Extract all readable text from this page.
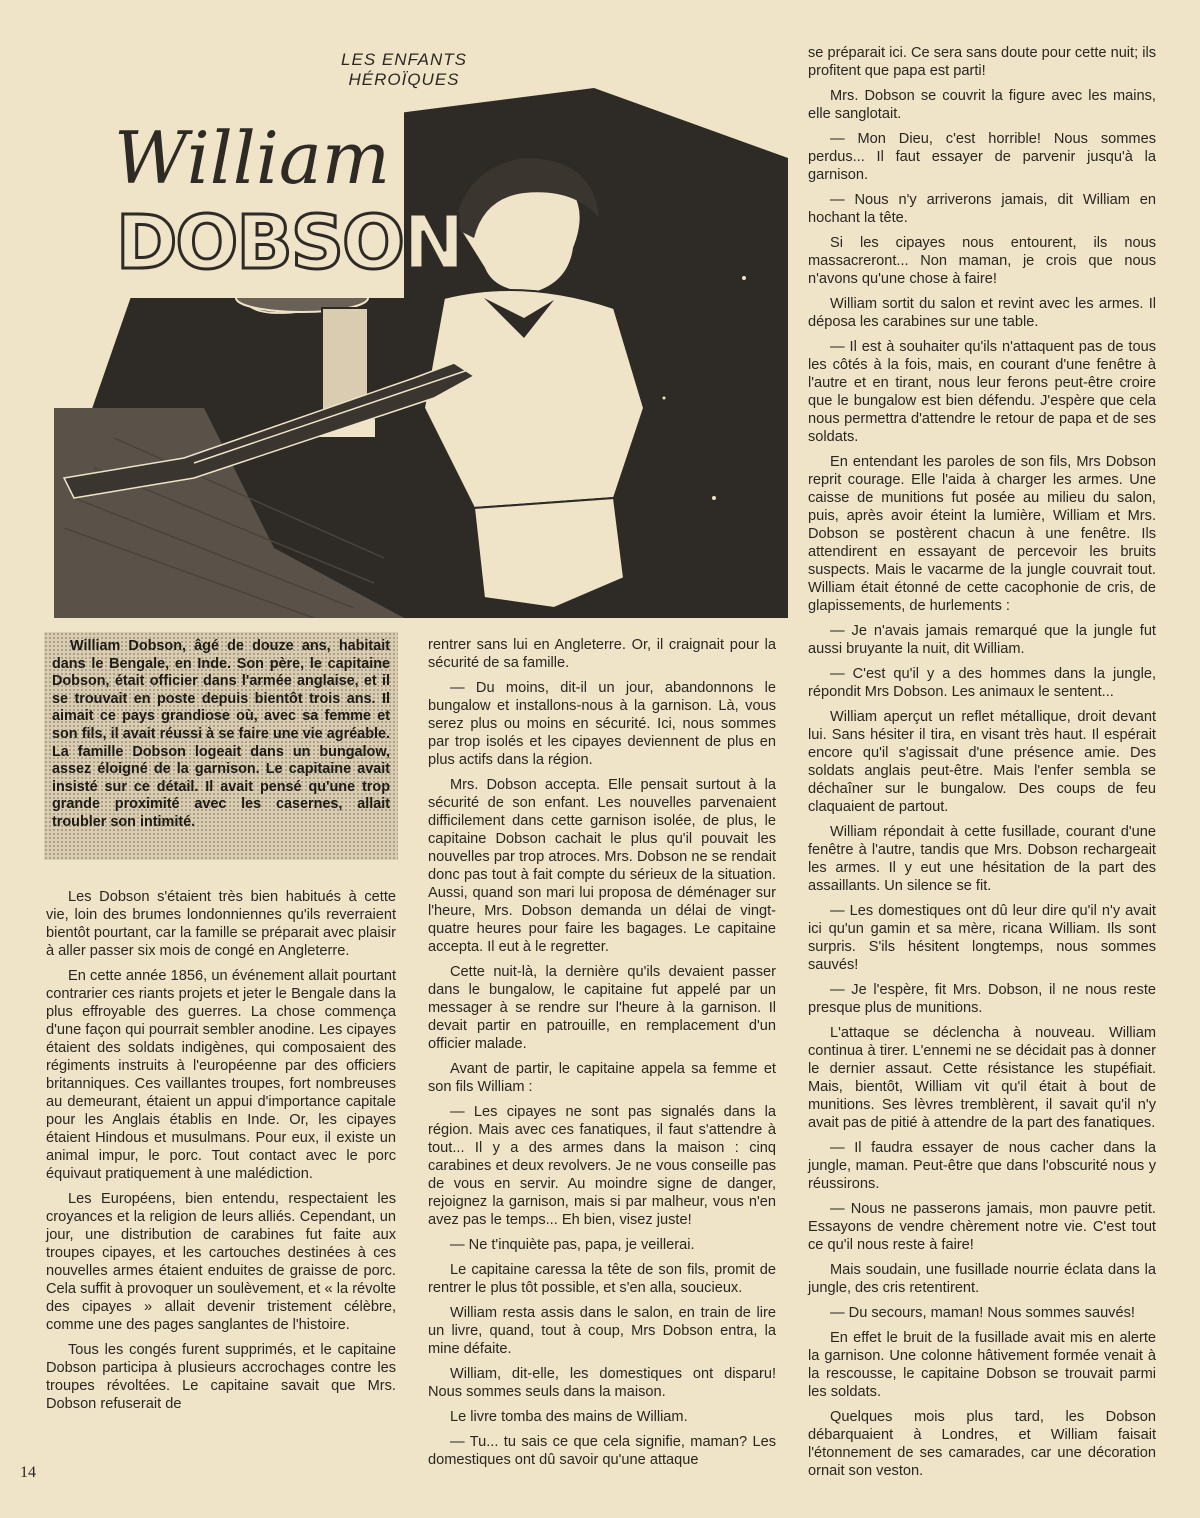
LES ENFANTS HÉROÏQUES
William
DOBSON

William Dobson, âgé de douze ans, habitait dans le Bengale, en Inde. Son père, le capitaine Dobson, était officier dans l'armée anglaise, et il se trouvait en poste depuis bientôt trois ans. Il aimait ce pays grandiose où, avec sa femme et son fils, il avait réussi à se faire une vie agréable. La famille Dobson logeait dans un bungalow, assez éloigné de la garnison. Le capitaine avait insisté sur ce détail. Il avait pensé qu'une trop grande proximité avec les casernes, allait troubler son intimité.

Les Dobson s'étaient très bien habitués à cette vie, loin des brumes londonniennes qu'ils reverraient bientôt pourtant, car la famille se préparait avec plaisir à aller passer six mois de congé en Angleterre.

En cette année 1856, un événement allait pourtant contrarier ces riants projets et jeter le Bengale dans la plus effroyable des guerres. La chose commença d'une façon qui pourrait sembler anodine. Les cipayes étaient des soldats indigènes, qui composaient des régiments instruits à l'européenne par des officiers britanniques. Ces vaillantes troupes, fort nombreuses au demeurant, étaient un appui d'importance capitale pour les Anglais établis en Inde. Or, les cipayes étaient Hindous et musulmans. Pour eux, il existe un animal impur, le porc. Tout contact avec le porc équivaut pratiquement à une malédiction.

Les Européens, bien entendu, respectaient les croyances et la religion de leurs alliés. Cependant, un jour, une distribution de carabines fut faite aux troupes cipayes, et les cartouches destinées à ces nouvelles armes étaient enduites de graisse de porc. Cela suffit à provoquer un soulèvement, et « la révolte des cipayes » allait devenir tristement célèbre, comme une des pages sanglantes de l'histoire.

Tous les congés furent supprimés, et le capitaine Dobson participa à plusieurs accrochages contre les troupes révoltées. Le capitaine savait que Mrs. Dobson refuserait de

rentrer sans lui en Angleterre. Or, il craignait pour la sécurité de sa famille.

— Du moins, dit-il un jour, abandonnons le bungalow et installons-nous à la garnison. Là, vous serez plus ou moins en sécurité. Ici, nous sommes par trop isolés et les cipayes deviennent de plus en plus actifs dans la région.

Mrs. Dobson accepta. Elle pensait surtout à la sécurité de son enfant. Les nouvelles parvenaient difficilement dans cette garnison isolée, de plus, le capitaine Dobson cachait le plus qu'il pouvait les nouvelles par trop atroces. Mrs. Dobson ne se rendait donc pas tout à fait compte du sérieux de la situation. Aussi, quand son mari lui proposa de déménager sur l'heure, Mrs. Dobson demanda un délai de vingt-quatre heures pour faire les bagages. Le capitaine accepta. Il eut à le regretter.

Cette nuit-là, la dernière qu'ils devaient passer dans le bungalow, le capitaine fut appelé par un messager à se rendre sur l'heure à la garnison. Il devait partir en patrouille, en remplacement d'un officier malade.

Avant de partir, le capitaine appela sa femme et son fils William :

— Les cipayes ne sont pas signalés dans la région. Mais avec ces fanatiques, il faut s'attendre à tout... Il y a des armes dans la maison : cinq carabines et deux revolvers. Je ne vous conseille pas de vous en servir. Au moindre signe de danger, rejoignez la garnison, mais si par malheur, vous n'en avez pas le temps... Eh bien, visez juste!

— Ne t'inquiète pas, papa, je veillerai.

Le capitaine caressa la tête de son fils, promit de rentrer le plus tôt possible, et s'en alla, soucieux.

William resta assis dans le salon, en train de lire un livre, quand, tout à coup, Mrs Dobson entra, la mine défaite.

William, dit-elle, les domestiques ont disparu! Nous sommes seuls dans la maison.

Le livre tomba des mains de William.

— Tu... tu sais ce que cela signifie, maman? Les domestiques ont dû savoir qu'une attaque

se préparait ici. Ce sera sans doute pour cette nuit; ils profitent que papa est parti!

Mrs. Dobson se couvrit la figure avec les mains, elle sanglotait.

— Mon Dieu, c'est horrible! Nous sommes perdus... Il faut essayer de parvenir jusqu'à la garnison.

— Nous n'y arriverons jamais, dit William en hochant la tête.

Si les cipayes nous entourent, ils nous massacreront... Non maman, je crois que nous n'avons qu'une chose à faire!

William sortit du salon et revint avec les armes. Il déposa les carabines sur une table.

— Il est à souhaiter qu'ils n'attaquent pas de tous les côtés à la fois, mais, en courant d'une fenêtre à l'autre et en tirant, nous leur ferons peut-être croire que le bungalow est bien défendu. J'espère que cela nous permettra d'attendre le retour de papa et de ses soldats.

En entendant les paroles de son fils, Mrs Dobson reprit courage. Elle l'aida à charger les armes. Une caisse de munitions fut posée au milieu du salon, puis, après avoir éteint la lumière, William et Mrs. Dobson se postèrent chacun à une fenêtre. Ils attendirent en essayant de percevoir les bruits suspects. Mais le vacarme de la jungle couvrait tout. William était étonné de cette cacophonie de cris, de glapissements, de hurlements :

— Je n'avais jamais remarqué que la jungle fut aussi bruyante la nuit, dit William.

— C'est qu'il y a des hommes dans la jungle, répondit Mrs Dobson. Les animaux le sentent...

William aperçut un reflet métallique, droit devant lui. Sans hésiter il tira, en visant très haut. Il espérait encore qu'il s'agissait d'une présence amie. Des soldats anglais peut-être. Mais l'enfer sembla se déchaîner sur le bungalow. Des coups de feu claquaient de partout.

William répondait à cette fusillade, courant d'une fenêtre à l'autre, tandis que Mrs. Dobson rechargeait les armes. Il y eut une hésitation de la part des assaillants. Un silence se fit.

— Les domestiques ont dû leur dire qu'il n'y avait ici qu'un gamin et sa mère, ricana William. Ils sont surpris. S'ils hésitent longtemps, nous sommes sauvés!

— Je l'espère, fit Mrs. Dobson, il ne nous reste presque plus de munitions.

L'attaque se déclencha à nouveau. William continua à tirer. L'ennemi ne se décidait pas à donner le dernier assaut. Cette résistance les stupéfiait. Mais, bientôt, William vit qu'il était à bout de munitions. Ses lèvres tremblèrent, il savait qu'il n'y avait pas de pitié à attendre de la part des fanatiques.

— Il faudra essayer de nous cacher dans la jungle, maman. Peut-être que dans l'obscurité nous y réussirons.

— Nous ne passerons jamais, mon pauvre petit. Essayons de vendre chèrement notre vie. C'est tout ce qu'il nous reste à faire!

Mais soudain, une fusillade nourrie éclata dans la jungle, des cris retentirent.

— Du secours, maman! Nous sommes sauvés!

En effet le bruit de la fusillade avait mis en alerte la garnison. Une colonne hâtivement formée venait à la rescousse, le capitaine Dobson se trouvait parmi les soldats.

Quelques mois plus tard, les Dobson débarquaient à Londres, et William faisait l'étonnement de ses camarades, car une décoration ornait son veston.

14
